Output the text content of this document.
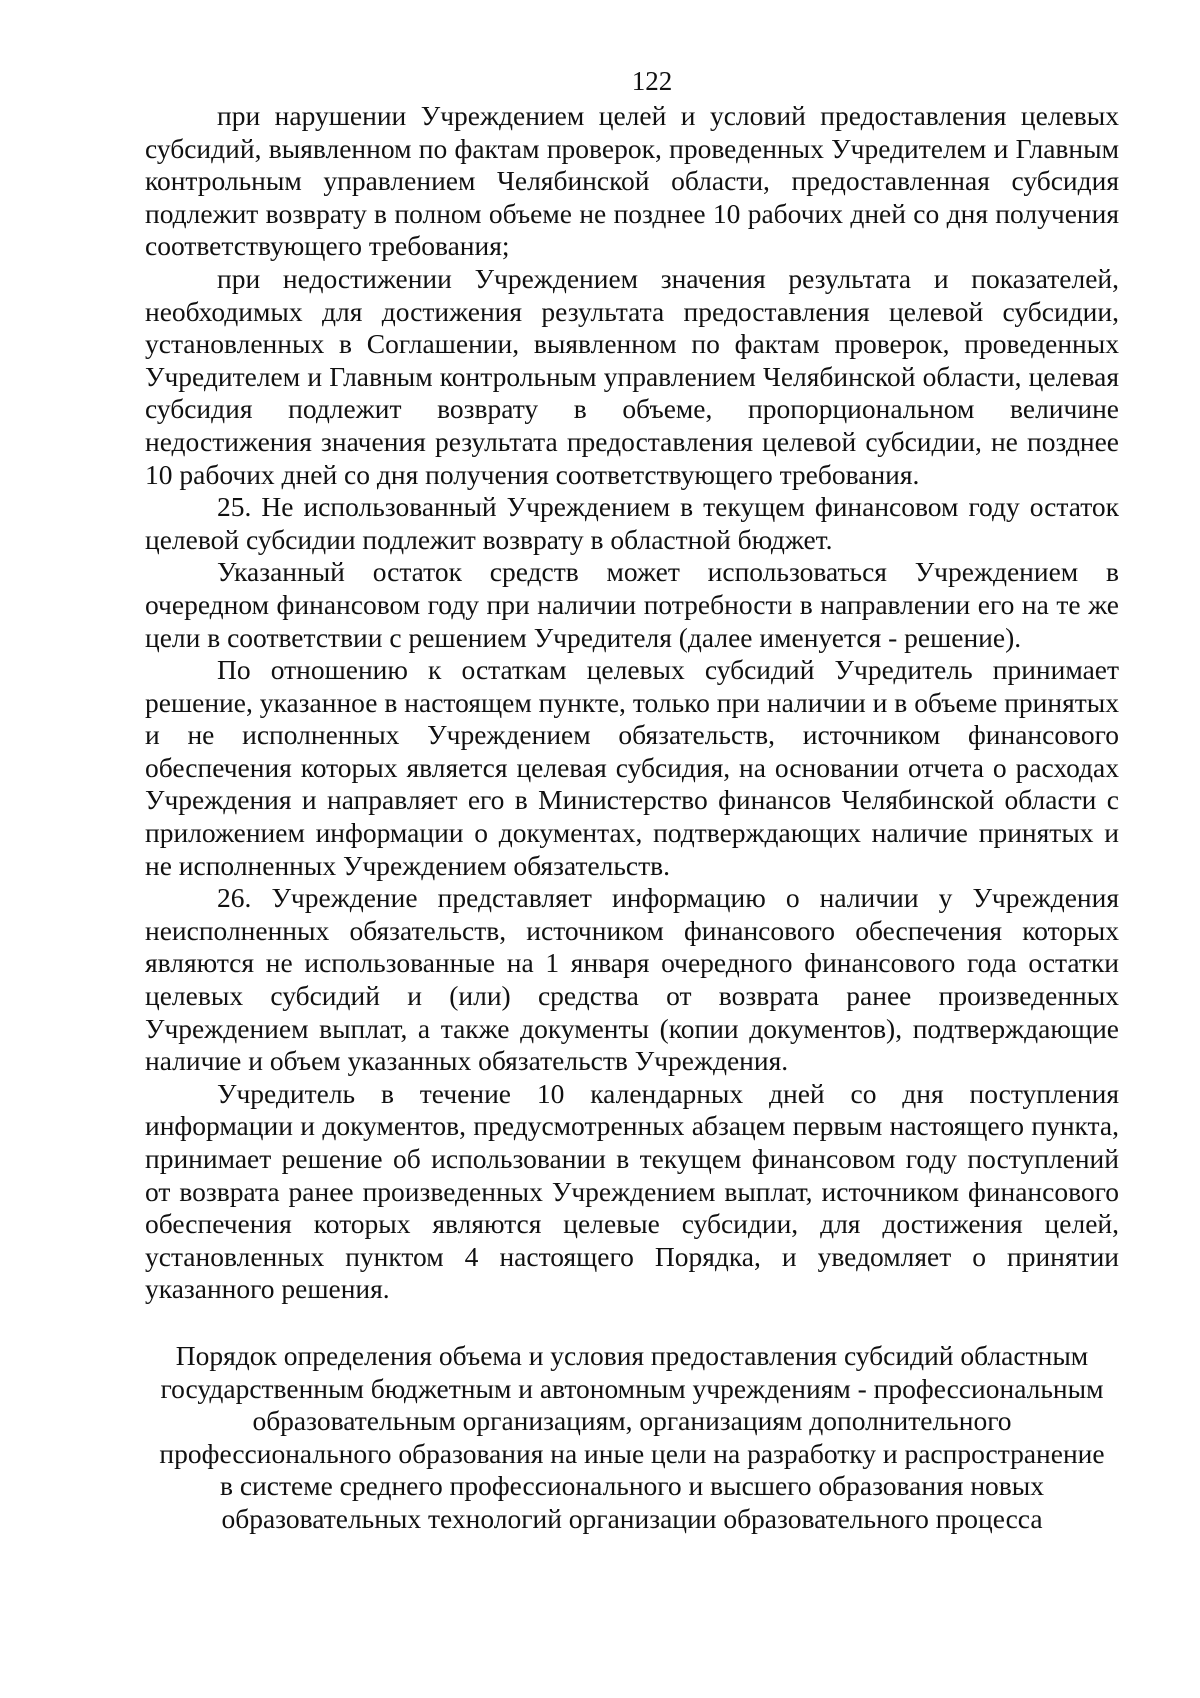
122

при нарушении Учреждением целей и условий предоставления целевых субсидий, выявленном по фактам проверок, проведенных Учредителем и Главным контрольным управлением Челябинской области, предоставленная субсидия подлежит возврату в полном объеме не позднее 10 рабочих дней со дня получения соответствующего требования;

при недостижении Учреждением значения результата и показателей, необходимых для достижения результата предоставления целевой субсидии, установленных в Соглашении, выявленном по фактам проверок, проведенных Учредителем и Главным контрольным управлением Челябинской области, целевая субсидия подлежит возврату в объеме, пропорциональном величине недостижения значения результата предоставления целевой субсидии, не позднее 10 рабочих дней со дня получения соответствующего требования.

25. Не использованный Учреждением в текущем финансовом году остаток целевой субсидии подлежит возврату в областной бюджет.

Указанный остаток средств может использоваться Учреждением в очередном финансовом году при наличии потребности в направлении его на те же цели в соответствии с решением Учредителя (далее именуется - решение).

По отношению к остаткам целевых субсидий Учредитель принимает решение, указанное в настоящем пункте, только при наличии и в объеме принятых и не исполненных Учреждением обязательств, источником финансового обеспечения которых является целевая субсидия, на основании отчета о расходах Учреждения и направляет его в Министерство финансов Челябинской области с приложением информации о документах, подтверждающих наличие принятых и не исполненных Учреждением обязательств.

26. Учреждение представляет информацию о наличии у Учреждения неисполненных обязательств, источником финансового обеспечения которых являются не использованные на 1 января очередного финансового года остатки целевых субсидий и (или) средства от возврата ранее произведенных Учреждением выплат, а также документы (копии документов), подтверждающие наличие и объем указанных обязательств Учреждения.

Учредитель в течение 10 календарных дней со дня поступления информации и документов, предусмотренных абзацем первым настоящего пункта, принимает решение об использовании в текущем финансовом году поступлений от возврата ранее произведенных Учреждением выплат, источником финансового обеспечения которых являются целевые субсидии, для достижения целей, установленных пунктом 4 настоящего Порядка, и уведомляет о принятии указанного решения.

Порядок определения объема и условия предоставления субсидий областным
государственным бюджетным и автономным учреждениям - профессиональным
образовательным организациям, организациям дополнительного
профессионального образования на иные цели на разработку и распространение
в системе среднего профессионального и высшего образования новых
образовательных технологий организации образовательного процесса
